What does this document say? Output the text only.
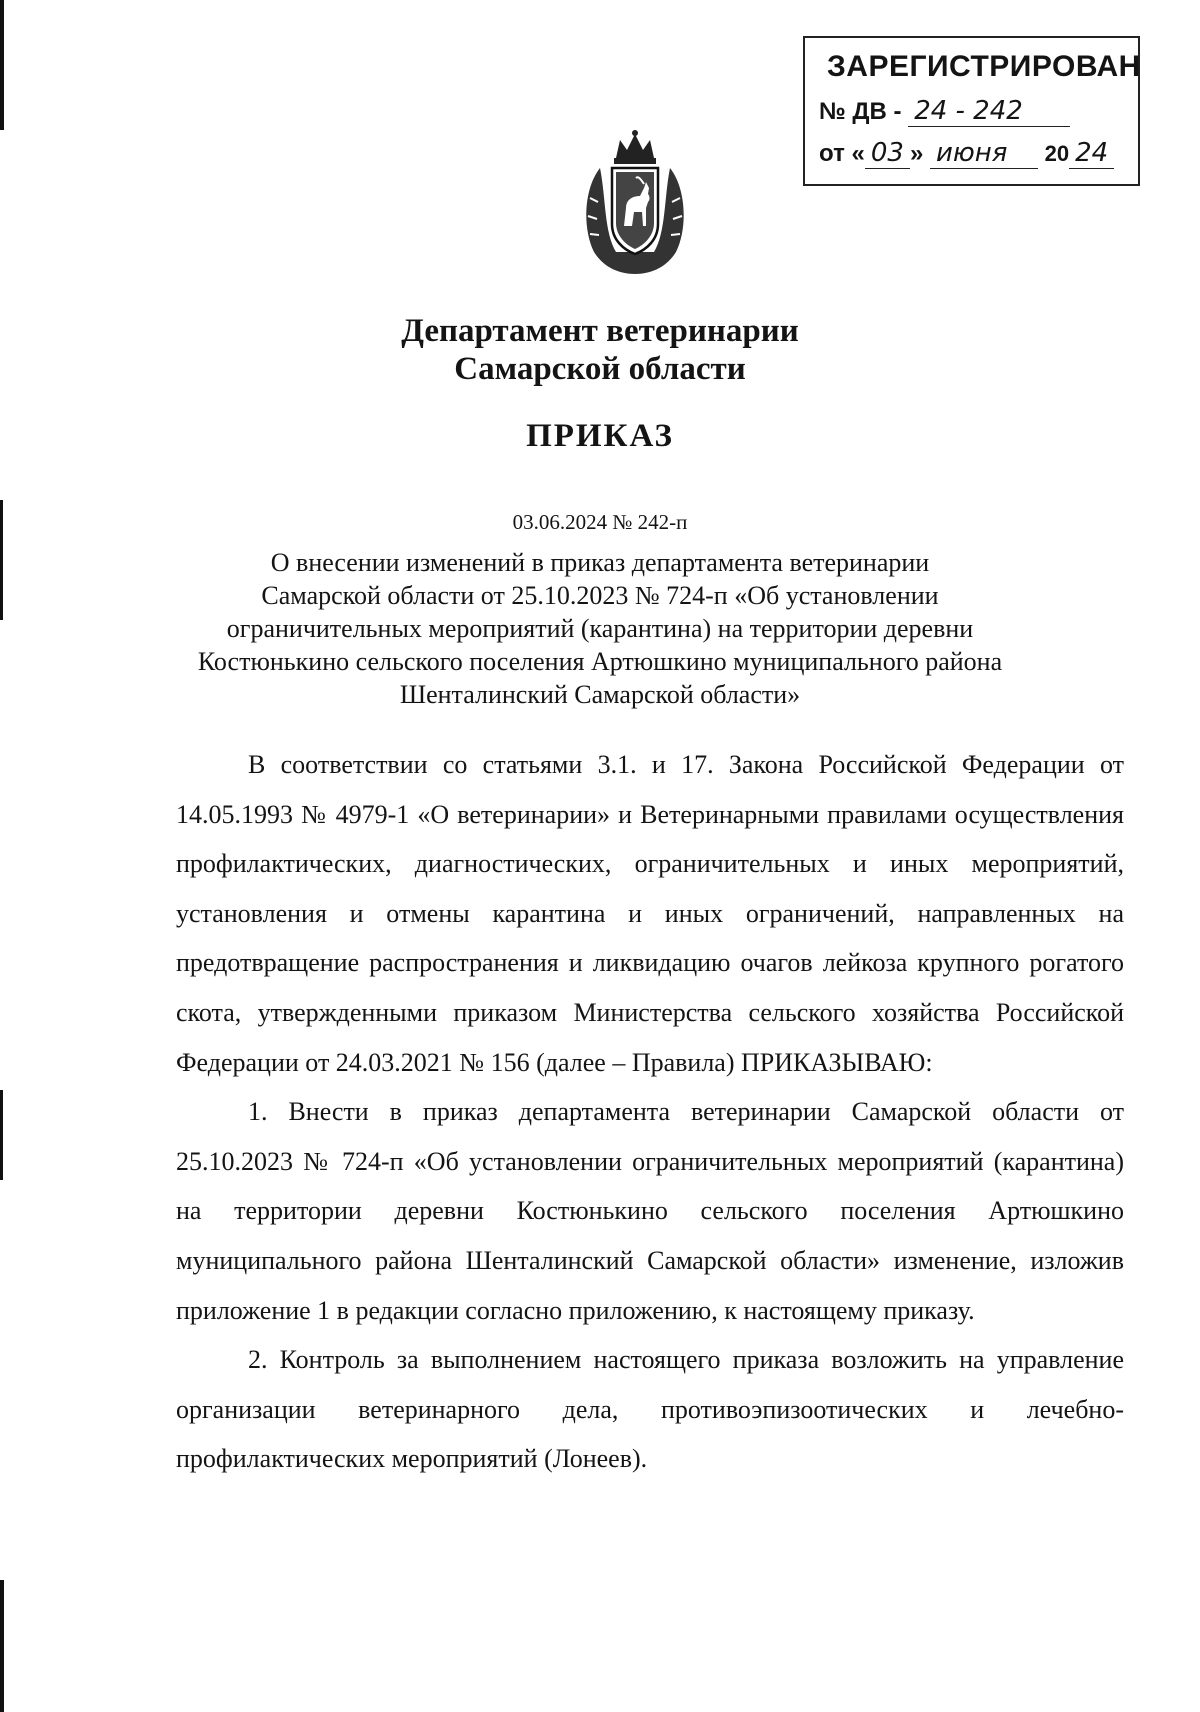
ЗАРЕГИСТРИРОВАН
№ ДВ - 24 - 242
от « 03 » июня 20 24
Департамент ветеринарии
Самарской области
ПРИКАЗ
03.06.2024 № 242-п
О внесении изменений в приказ департамента ветеринарии
Самарской области от 25.10.2023 № 724-п «Об установлении
ограничительных мероприятий (карантина) на территории деревни
Костюнькино сельского поселения Артюшкино муниципального района
Шенталинский Самарской области»

В соответствии со статьями 3.1. и 17. Закона Российской Федерации от 14.05.1993 № 4979-1 «О ветеринарии» и Ветеринарными правилами осуществления профилактических, диагностических, ограничительных и иных мероприятий, установления и отмены карантина и иных ограничений, направленных на предотвращение распространения и ликвидацию очагов лейкоза крупного рогатого скота, утвержденными приказом Министерства сельского хозяйства Российской Федерации от 24.03.2021 № 156 (далее – Правила) ПРИКАЗЫВАЮ:

1. Внести в приказ департамента ветеринарии Самарской области от 25.10.2023 № 724-п «Об установлении ограничительных мероприятий (карантина) на территории деревни Костюнькино сельского поселения Артюшкино муниципального района Шенталинский Самарской области» изменение, изложив приложение 1 в редакции согласно приложению, к настоящему приказу.

2. Контроль за выполнением настоящего приказа возложить на управление организации ветеринарного дела, противоэпизоотических и лечебно-профилактических мероприятий (Лонеев).
